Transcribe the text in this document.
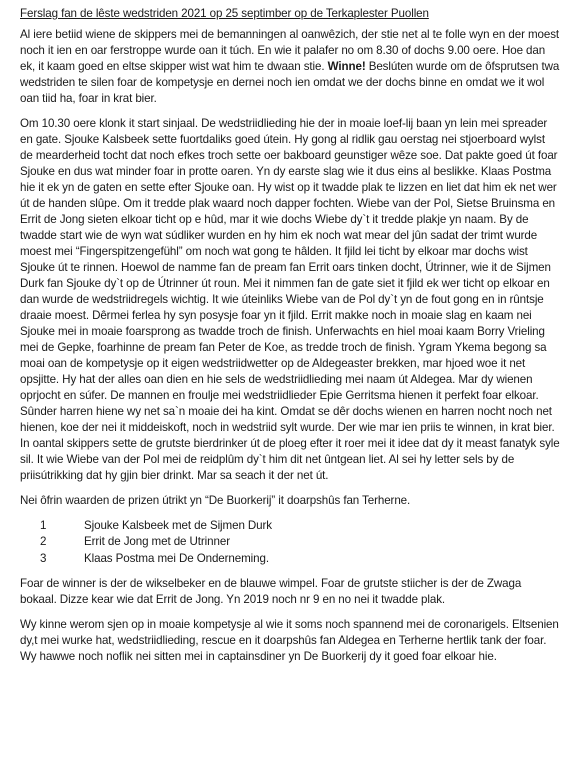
Ferslag fan de lêste wedstriden 2021 op 25 septimber op de Terkaplester Puollen

Al iere betiid wiene de skippers mei de bemanningen al oanwêzich, der stie net al te folle wyn en der moest noch it ien en oar ferstroppe wurde oan it túch. En wie it palafer no om 8.30 of dochs 9.00 oere. Hoe dan ek, it kaam goed en eltse skipper wist wat him te dwaan stie. Winne! Beslúten wurde om de ôfsprutsen twa wedstriden te silen foar de kompetysje en dernei noch ien omdat we der dochs binne en omdat we it wol oan tiid ha, foar in krat bier.

Om 10.30 oere klonk it start sinjaal. De wedstriidlieding hie der in moaie loef-lij baan yn lein mei spreader en gate. Sjouke Kalsbeek sette fuortdaliks goed útein. Hy gong al ridlik gau oerstag nei stjoerboard wylst de mearderheid tocht dat noch efkes troch sette oer bakboard geunstiger wêze soe. Dat pakte goed út foar Sjouke en dus wat minder foar in protte oaren. Yn dy earste slag wie it dus eins al beslikke. Klaas Postma hie it ek yn de gaten en sette efter Sjouke oan. Hy wist op it twadde plak te lizzen en liet dat him ek net wer út de handen slûpe. Om it tredde plak waard noch dapper fochten. Wiebe van der Pol, Sietse Bruinsma en Errit de Jong sieten elkoar ticht op e hûd, mar it wie dochs Wiebe dy`t it tredde plakje yn naam. By de twadde start wie de wyn wat súdliker wurden en hy him ek noch wat mear del jûn sadat der trimt wurde moest mei “Fingerspitzengefühl” om noch wat gong te hâlden. It fjild lei ticht by elkoar mar dochs wist Sjouke út te rinnen. Hoewol de namme fan de pream fan Errit oars tinken docht, Útrinner, wie it de Sijmen Durk fan Sjouke dy`t op de Útrinner út roun. Mei it nimmen fan de gate siet it fjild ek wer ticht op elkoar en dan wurde de wedstriidregels wichtig. It wie úteinliks Wiebe van de Pol dy`t yn de fout gong en in rûntsje draaie moest. Dêrmei ferlea hy syn posysje foar yn it fjild. Errit makke noch in moaie slag en kaam nei Sjouke mei in moaie foarsprong as twadde troch de finish. Unferwachts en hiel moai kaam Borry Vrieling mei de Gepke, foarhinne de pream fan Peter de Koe, as tredde troch de finish. Ygram Ykema begong sa moai oan de kompetysje op it eigen wedstriidwetter op de Aldegeaster brekken, mar hjoed woe it net opsjitte. Hy hat der alles oan dien en hie sels de wedstriidlieding mei naam út Aldegea. Mar dy wienen oprjocht en súfer. De mannen en froulje mei wedstriidlieder Epie Gerritsma hienen it perfekt foar elkoar. Sûnder harren hiene wy net sa`n moaie dei ha kint. Omdat se dêr dochs wienen en harren nocht noch net hienen, koe der nei it middeiskoft, noch in wedstriid sylt wurde. Der wie mar ien priis te winnen, in krat bier. In oantal skippers sette de grutste bierdrinker út de ploeg efter it roer mei it idee dat dy it meast fanatyk syle sil. It wie Wiebe van der Pol mei de reidplûm dy`t him dit net ûntgean liet. Al sei hy letter sels by de priisútrikking dat hy gjin bier drinkt. Mar sa seach it der net út.

Nei ôfrin waarden de prizen útrikt yn “De Buorkerij” it doarpshûs fan Terherne.

1	Sjouke Kalsbeek met de Sijmen Durk
2	Errit de Jong met de Utrinner
3	Klaas Postma mei De Onderneming.

Foar de winner is der de wikselbeker en de blauwe wimpel. Foar de grutste stiicher is der de Zwaga bokaal. Dizze kear wie dat Errit de Jong. Yn 2019 noch nr 9 en no nei it twadde plak.

Wy kinne werom sjen op in moaie kompetysje al wie it soms noch spannend mei de coronarigels. Eltsenien dy,t mei wurke hat, wedstriidlieding, rescue en it doarpshûs fan Aldegea en Terherne hertlik tank der foar. Wy hawwe noch noflik nei sitten mei in captainsdiner yn De Buorkerij dy it goed foar elkoar hie.
